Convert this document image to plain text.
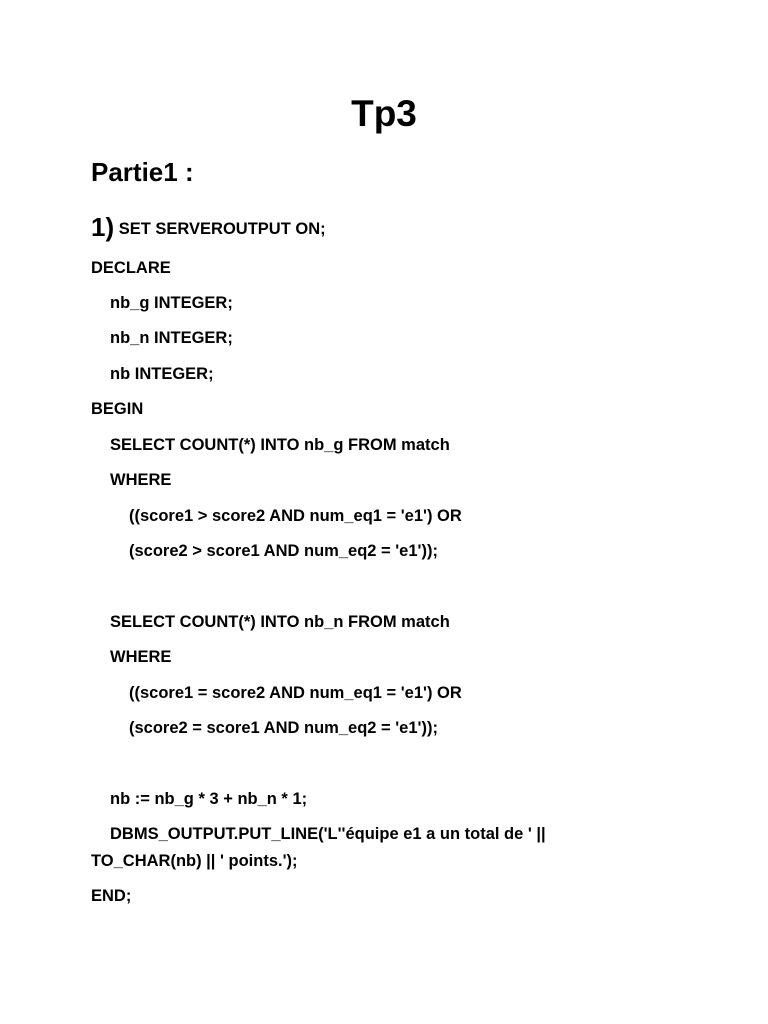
Tp3
Partie1 :
1) SET SERVEROUTPUT ON;
DECLARE
nb_g INTEGER;
nb_n INTEGER;
nb INTEGER;
BEGIN
SELECT COUNT(*) INTO nb_g FROM match
WHERE
((score1 > score2 AND num_eq1 = 'e1') OR
(score2 > score1 AND num_eq2 = 'e1'));
SELECT COUNT(*) INTO nb_n FROM match
WHERE
((score1 = score2 AND num_eq1 = 'e1') OR
(score2 = score1 AND num_eq2 = 'e1'));
nb := nb_g * 3 + nb_n * 1;
DBMS_OUTPUT.PUT_LINE('L''équipe e1 a un total de ' ||
TO_CHAR(nb) || ' points.');
END;
